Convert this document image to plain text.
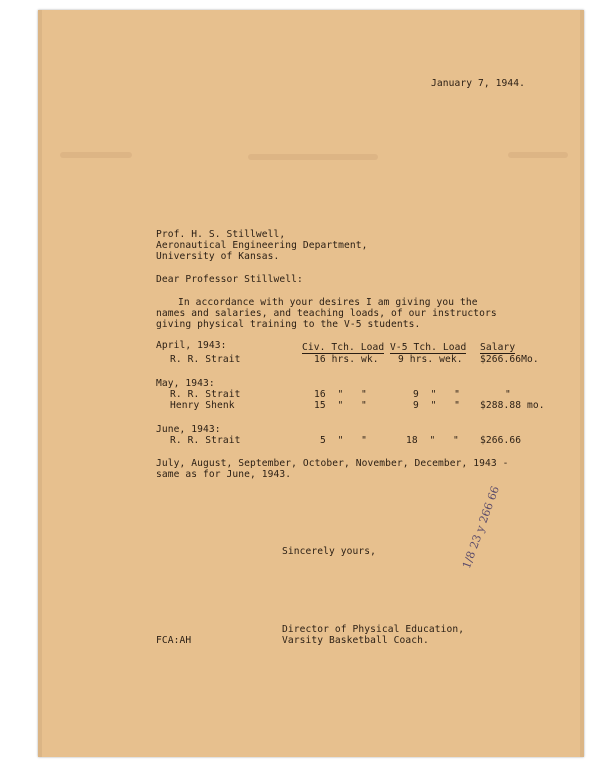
January 7, 1944.
Prof. H. S. Stillwell,
Aeronautical Engineering Department,
University of Kansas.
Dear Professor Stillwell:
In accordance with your desires I am giving you the
names and salaries, and teaching loads, of our instructors
giving physical training to the V-5 students.
Civ. Tch. Load V-5 Tch. Load Salary
April, 1943:
R. R. Strait	16 hrs. wk. 9 hrs. wek. $266.66Mo.
May, 1943:
R. R. Strait	16  "   "	9  "   "	"
Henry Shenk	15  "   "	9  "   " $288.88 mo.
June, 1943:
R. R. Strait	5  "   "	18  "   " $266.66
July, August, September, October, November, December, 1943 -
same as for June, 1943.
1/8 23 y 266 66
Sincerely yours,
Director of Physical Education,
Varsity Basketball Coach.
FCA:AH
